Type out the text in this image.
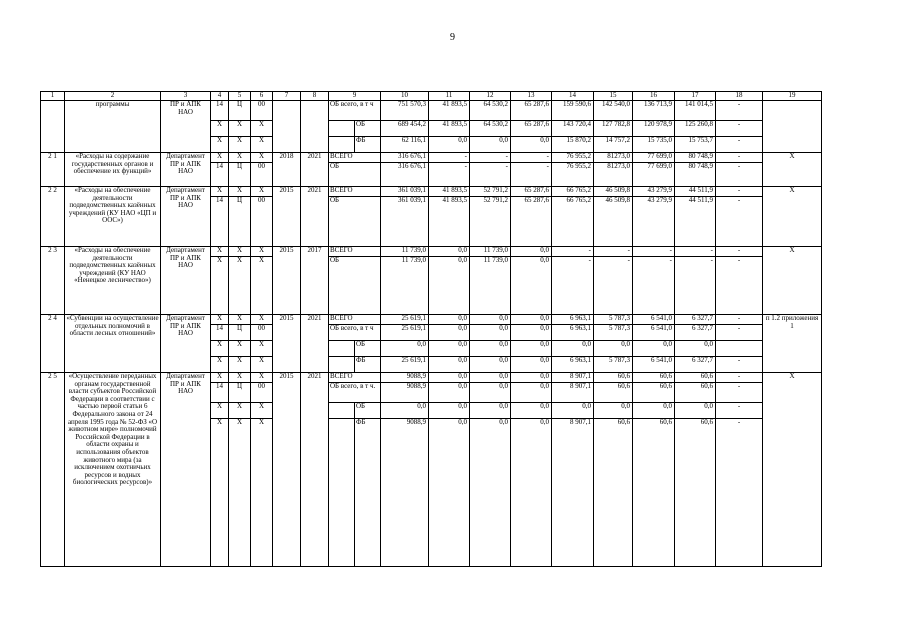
9
1	2	3	4	5	6	7	8	9		10	11	12	13	14	15	16	17	18	19
	программы	ПР и АПК НАО	14	Ц	00			ОБ всего, в т ч		751 570,3	41 893,5	64 530,2	65 287,6	159 590,6	142 540,0	136 713,9	141 014,5	-	
			Х	Х	Х				ОБ	689 454,2	41 893,5	64 530,2	65 287,6	143 720,4	127 782,8	120 978,9	125 260,8	-	
			Х	Х	Х				ФБ	62 116,1	0,0	0,0	0,0	15 870,2	14 757,2	15 735,0	15 753,7	-	
2 1	«Расходы на содержание государственных органов и обеспечение их функций»	Департамент ПР и АПК НАО	Х	Х	Х	2018	2021	ВСЕГО		316 676,1	-	-	-	76 955,2	81273,0	77 699,0	80 748,9	-	Х
			14	Ц	00			ОБ		316 676,1	-	-	-	76 955,2	81273,0	77 699,0	80 748,9	-	
2 2	«Расходы на обеспечение деятельности подведомственных казённых учреждений (КУ НАО «ЦП и ООС»)	Департамент ПР и АПК НАО	Х	Х	Х	2015	2021	ВСЕГО		361 039,1	41 893,5	52 791,2	65 287,6	66 765,2	46 509,8	43 279,9	44 511,9	-	Х
			14	Ц	00			ОБ		361 039,1	41 893,5	52 791,2	65 287,6	66 765,2	46 509,8	43 279,9	44 511,9	-	
2 3	«Расходы на обеспечение деятельности подведомственных казённых учреждений (КУ НАО «Ненецкое лесничество»)	Департамент ПР и АПК НАО	Х	Х	Х	2015	2017	ВСЕГО		11 739,0	0,0	11 739,0	0,0	-	-	-	-	-	Х
			Х	Х	Х			ОБ		11 739,0	0,0	11 739,0	0,0	-	-	-	-	-	
2 4	«Субвенции на осуществление отдельных полномочий в области лесных отношений»	Департамент ПР и АПК НАО	Х	Х	Х	2015	2021	ВСЕГО		25 619,1	0,0	0,0	0,0	6 963,1	5 787,3	6 541,0	6 327,7	-	п 1.2 приложения 1
			14	Ц	00			ОБ всего, в т ч		25 619,1	0,0	0,0	0,0	6 963,1	5 787,3	6 541,0	6 327,7	-	
			Х	Х	Х				ОБ	0,0	0,0	0,0	0,0	0,0	0,0	0,0	0,0		
			Х	Х	Х				ФБ	25 619,1	0,0	0,0	0,0	6 963,1	5 787,3	6 541,0	6 327,7	-	
2 5	«Осуществление переданных органам государственной власти субъектов Российской Федерации в соответствии с частью первой статьи 6 Федерального закона от 24 апреля 1995 года № 52-ФЗ «О животном мире» полномочий Российской Федерации в области охраны и использования объектов животного мира (за исключением охотничьих ресурсов и водных биологических ресурсов)»	Департамент ПР и АПК НАО	Х	Х	Х	2015	2021	ВСЕГО		9088,9	0,0	0,0	0,0	8 907,1	60,6	60,6	60,6	-	Х
			14	Ц	00			ОБ всего, в т ч.		9088,9	0,0	0,0	0,0	8 907,1	60,6	60,6	60,6	-	
			Х	Х	Х				ОБ	0,0	0,0	0,0	0,0	0,0	0,0	0,0	0,0	-	
			Х	Х	Х				ФБ	9088,9	0,0	0,0	0,0	8 907,1	60,6	60,6	60,6	-	
